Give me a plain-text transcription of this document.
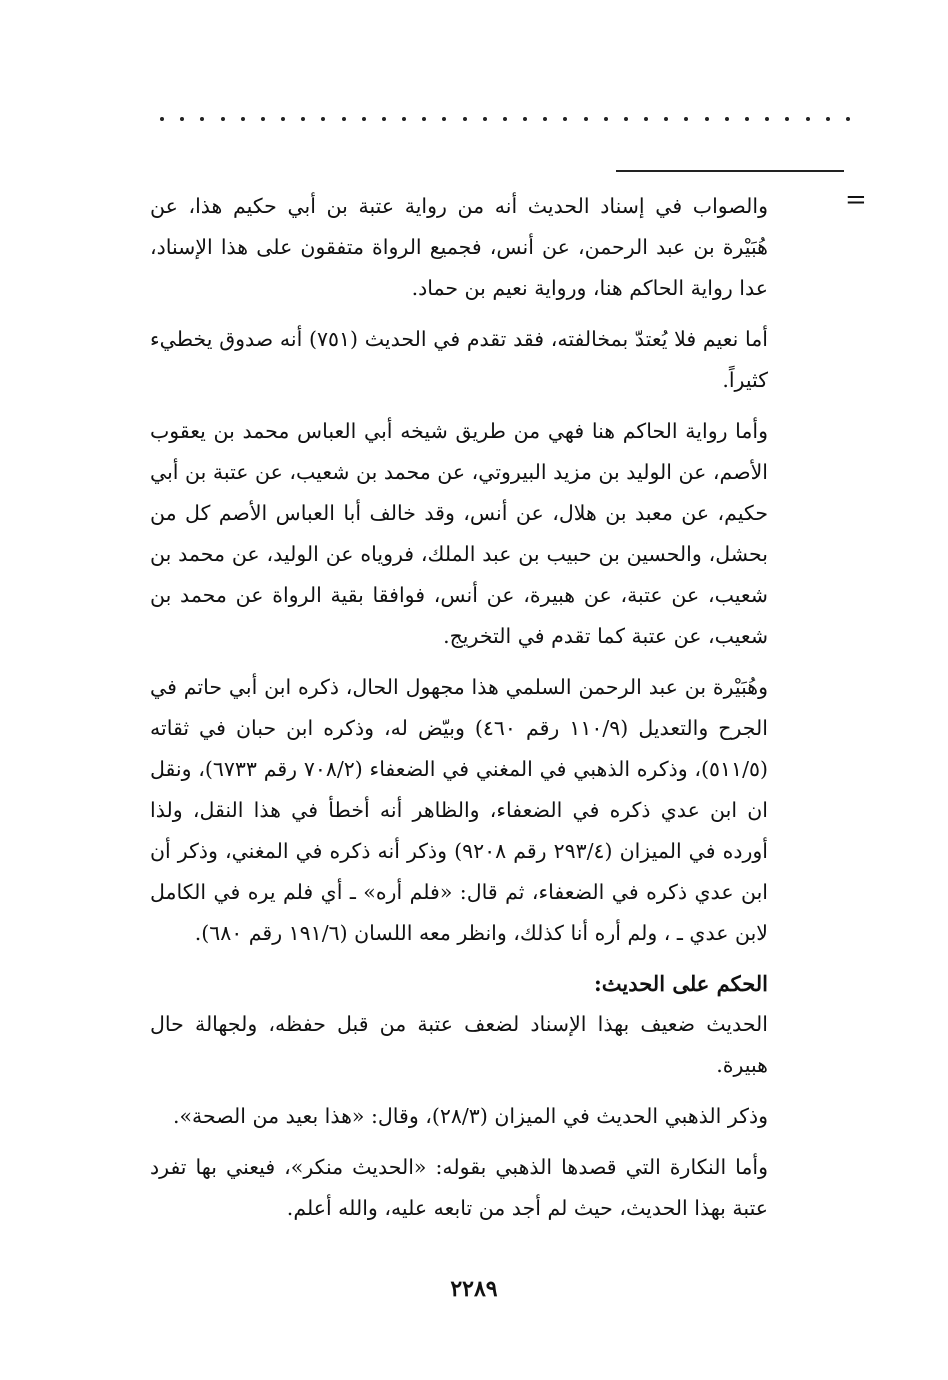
=

والصواب في إسناد الحديث أنه من رواية عتبة بن أبي حكيم هذا، عن هُبَيْرة بن عبد الرحمن، عن أنس، فجميع الرواة متفقون على هذا الإسناد، عدا رواية الحاكم هنا، ورواية نعيم بن حماد.

أما نعيم فلا يُعتدّ بمخالفته، فقد تقدم في الحديث (٧٥١) أنه صدوق يخطيء كثيراً.

وأما رواية الحاكم هنا فهي من طريق شيخه أبي العباس محمد بن يعقوب الأصم، عن الوليد بن مزيد البيروتي، عن محمد بن شعيب، عن عتبة بن أبي حكيم، عن معبد بن هلال، عن أنس، وقد خالف أبا العباس الأصم كل من بحشل، والحسين بن حبيب بن عبد الملك، فروياه عن الوليد، عن محمد بن شعيب، عن عتبة، عن هبيرة، عن أنس، فوافقا بقية الرواة عن محمد بن شعيب، عن عتبة كما تقدم في التخريج.

وهُبَيْرة بن عبد الرحمن السلمي هذا مجهول الحال، ذكره ابن أبي حاتم في الجرح والتعديل (١١٠/٩ رقم ٤٦٠) وبيّض له، وذكره ابن حبان في ثقاته (٥١١/٥)، وذكره الذهبي في المغني في الضعفاء (٧٠٨/٢ رقم ٦٧٣٣)، ونقل ان ابن عدي ذكره في الضعفاء، والظاهر أنه أخطأ في هذا النقل، ولذا أورده في الميزان (٢٩٣/٤ رقم ٩٢٠٨) وذكر أنه ذكره في المغني، وذكر أن ابن عدي ذكره في الضعفاء، ثم قال: «فلم أره» ـ أي فلم يره في الكامل لابن عدي ـ ، ولم أره أنا كذلك، وانظر معه اللسان (١٩١/٦ رقم ٦٨٠).

الحكم على الحديث:

الحديث ضعيف بهذا الإسناد لضعف عتبة من قبل حفظه، ولجهالة حال هبيرة.

وذكر الذهبي الحديث في الميزان (٢٨/٣)، وقال: «هذا بعيد من الصحة».

وأما النكارة التي قصدها الذهبي بقوله: «الحديث منكر»، فيعني بها تفرد عتبة بهذا الحديث، حيث لم أجد من تابعه عليه، والله أعلم.

٢٢٨٩
